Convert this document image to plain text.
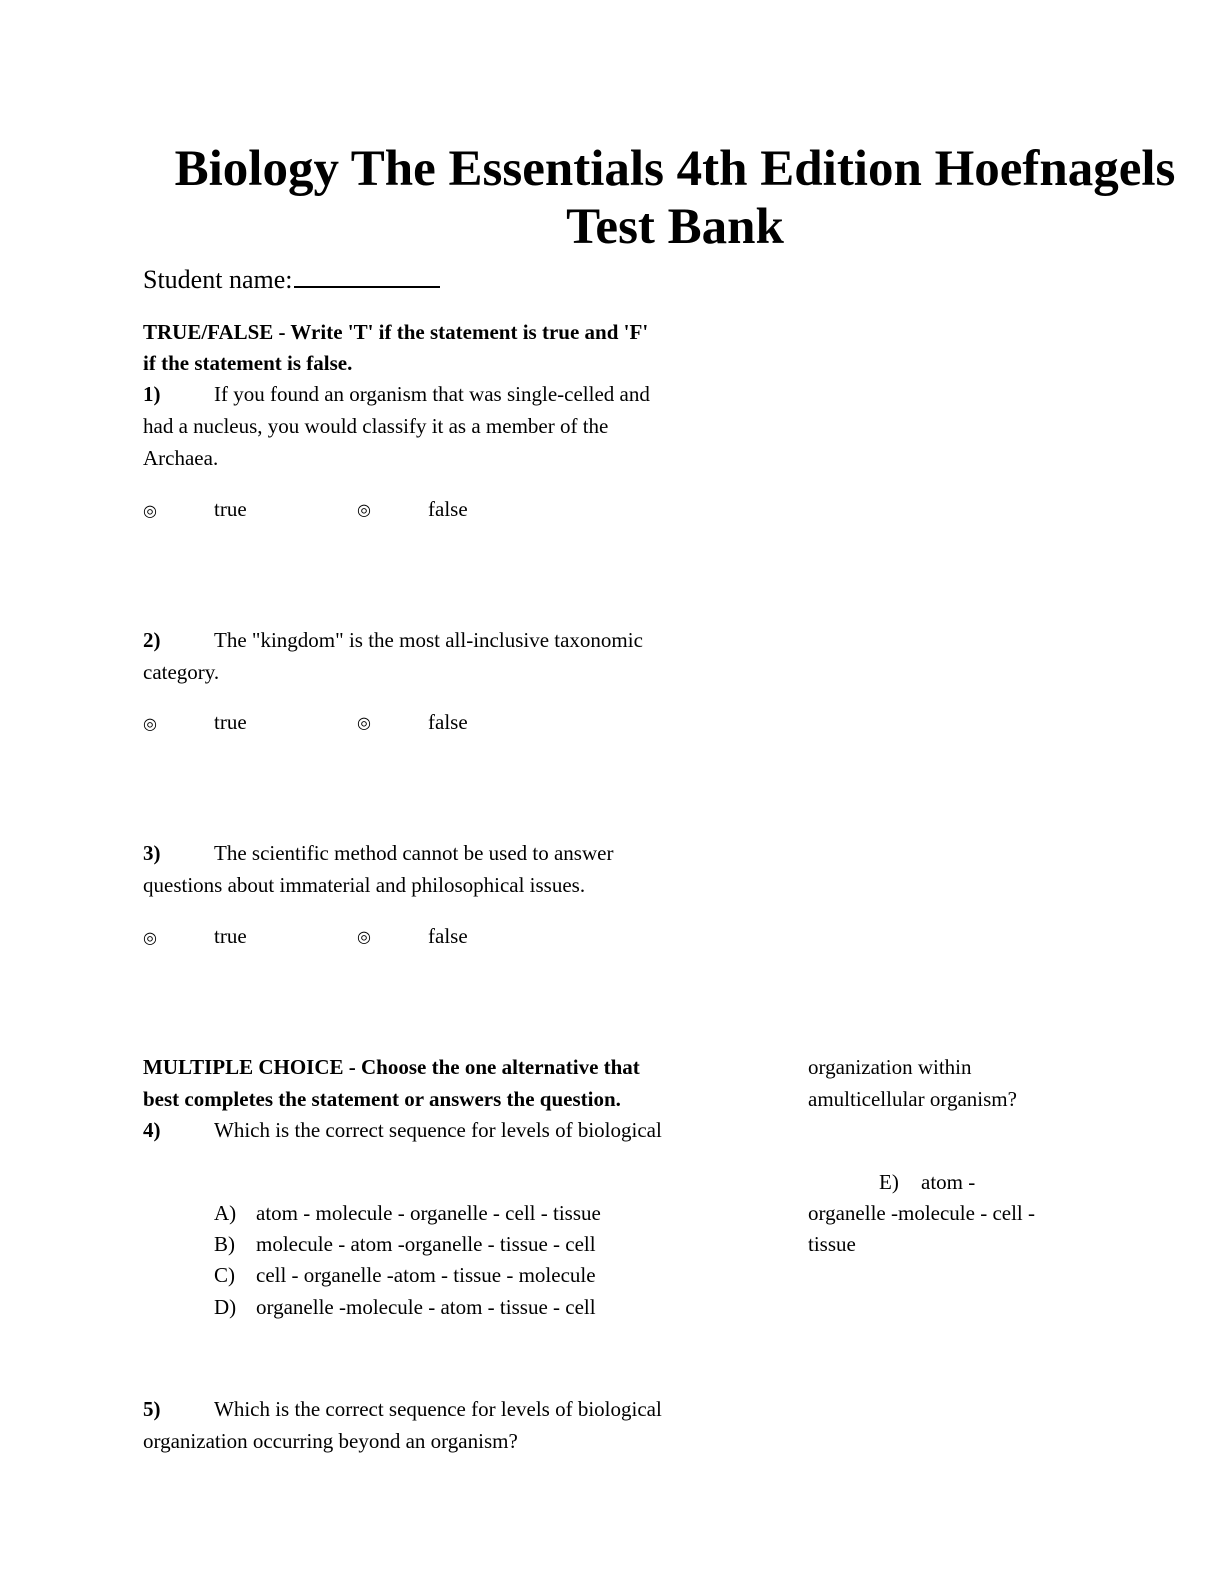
Biology The Essentials 4th Edition Hoefnagels Test Bank
Student name:
TRUE/FALSE - Write 'T' if the statement is true and 'F'
if the statement is false.
1)	If you found an organism that was single-celled and
had a nucleus, you would classify it as a member of the
Archaea.
◎	true	◎	false
2)	The "kingdom" is the most all-inclusive taxonomic
category.
◎	true	◎	false
3)	The scientific method cannot be used to answer
questions about immaterial and philosophical issues.
◎	true	◎	false
MULTIPLE CHOICE - Choose the one alternative that
best completes the statement or answers the question.
4)	Which is the correct sequence for levels of biological
organization within
amulticellular organism?
A) atom - molecule - organelle - cell - tissue
B) molecule - atom -organelle - tissue - cell
C) cell - organelle -atom - tissue - molecule
D) organelle -molecule - atom - tissue - cell
E) atom -
organelle -molecule - cell -
tissue
5)	Which is the correct sequence for levels of biological
organization occurring beyond an organism?
